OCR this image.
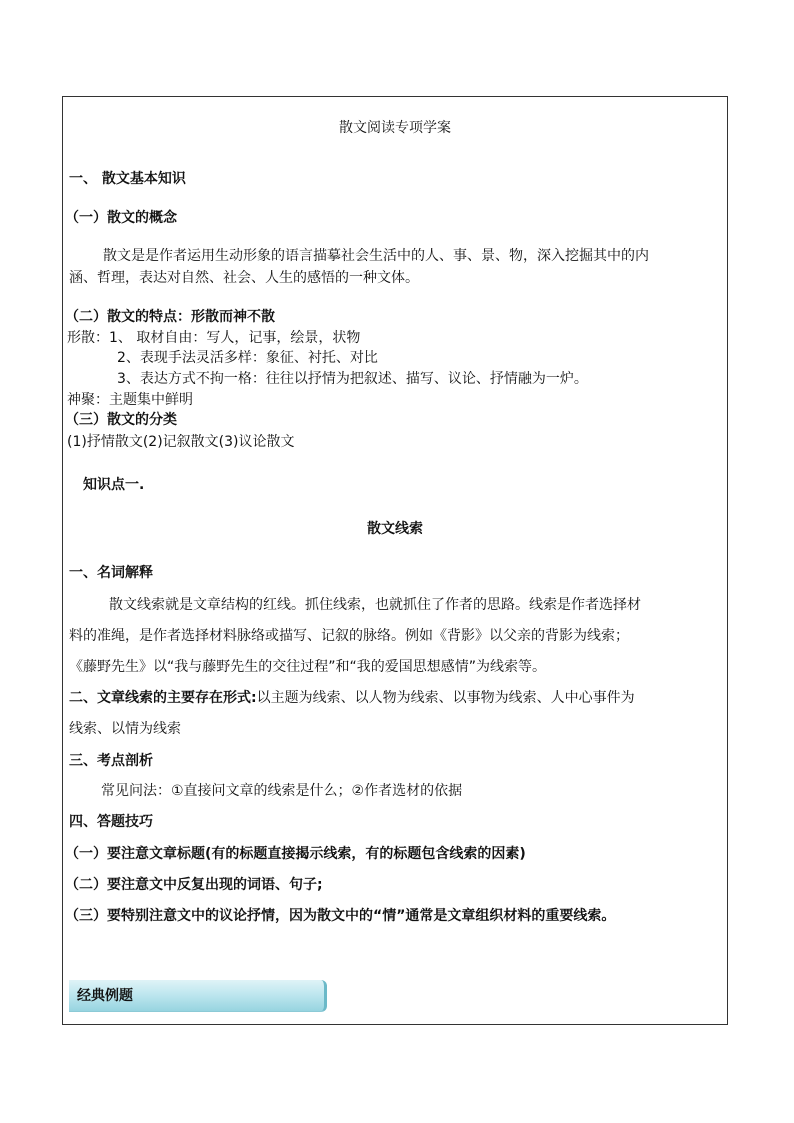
散文阅读专项学案
一、 散文基本知识
（一）散文的概念
散文是是作者运用生动形象的语言描摹社会生活中的人、事、景、物，深入挖掘其中的内
涵、哲理，表达对自然、社会、人生的感悟的一种文体。
（二）散文的特点：形散而神不散
形散：1、 取材自由：写人，记事，绘景，状物
2、表现手法灵活多样：象征、衬托、对比
3、表达方式不拘一格：往往以抒情为把叙述、描写、议论、抒情融为一炉。
神聚：主题集中鲜明
（三）散文的分类
(1)抒情散文(2)记叙散文(3)议论散文
知识点一.
散文线索
一、名词解释
散文线索就是文章结构的红线。抓住线索，也就抓住了作者的思路。线索是作者选择材
料的准绳，是作者选择材料脉络或描写、记叙的脉络。例如《背影》以父亲的背影为线索；
《藤野先生》以“我与藤野先生的交往过程”和“我的爱国思想感情”为线索等。
二、文章线索的主要存在形式:以主题为线索、以人物为线索、以事物为线索、人中心事件为
线索、以情为线索
三、考点剖析
常见问法：①直接问文章的线索是什么；②作者选材的依据
四、答题技巧
（一）要注意文章标题(有的标题直接揭示线索，有的标题包含线索的因素)
（二）要注意文中反复出现的词语、句子;
（三）要特别注意文中的议论抒情，因为散文中的“情”通常是文章组织材料的重要线索。
经典例题
